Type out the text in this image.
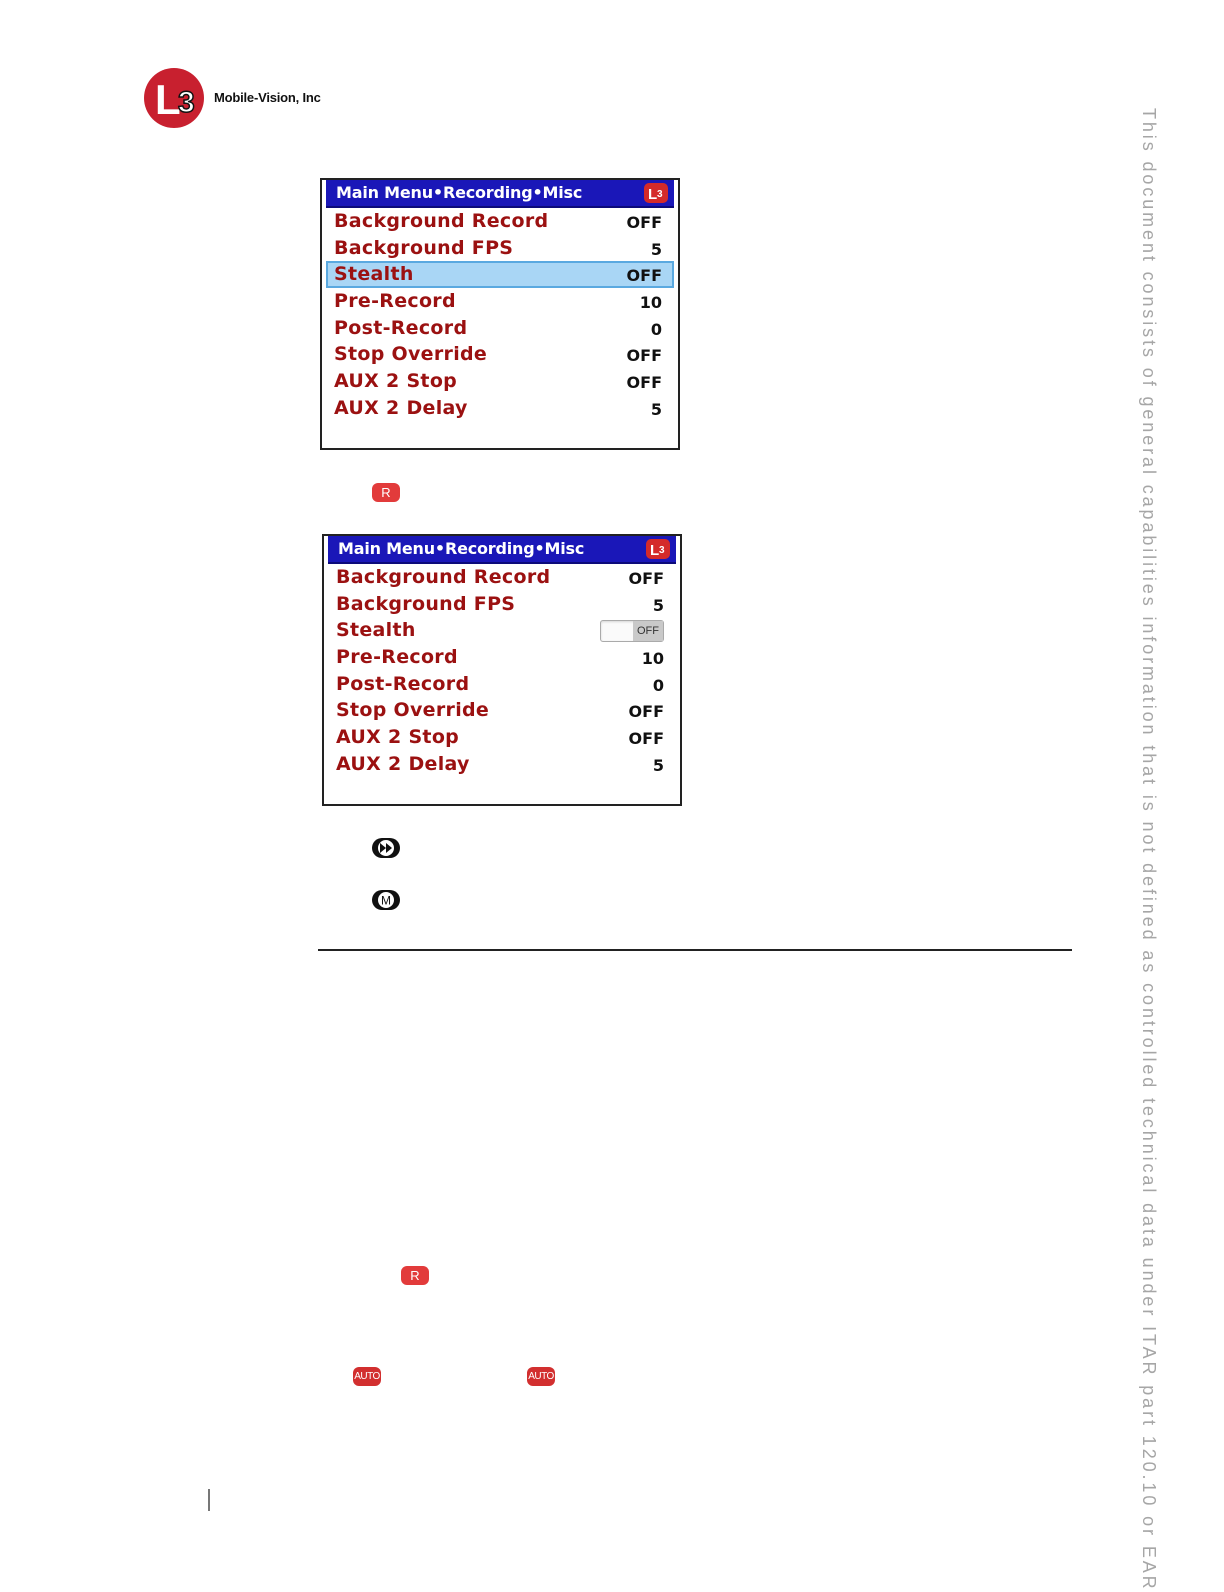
L
3 Mobile-Vision, Inc
Main Menu•Recording•Misc	L 3
Background Record	OFF
Background FPS	5
Stealth	OFF
Pre-Record	10
Post-Record	0
Stop Override	OFF
AUX 2 Stop	OFF
AUX 2 Delay	5
R
Main Menu•Recording•Misc	L 3
Background Record	OFF
Background FPS	5
Stealth	OFF
Pre-Record	10
Post-Record	0
Stop Override	OFF
AUX 2 Stop	OFF
AUX 2 Delay	5
M
R
AUTO	AUTO	This document consists of general capabilities information that is not defined as controlled technical data under ITAR part 120.10 or EAR
